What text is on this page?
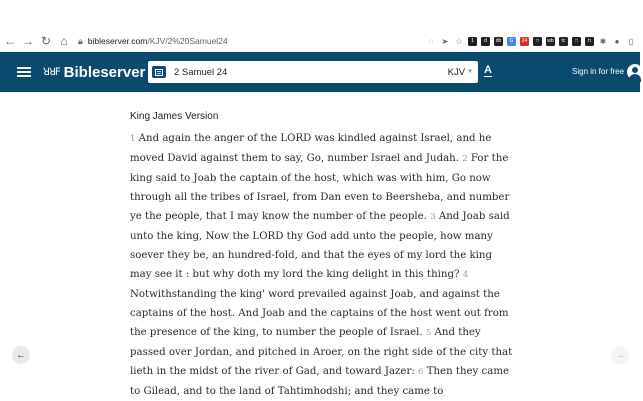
← → ↻ ⌂	🔒︎ bibleserver.com/KJV/2%20Samuel24	◌	➤ ☆	1	d	db	G	24	□	wb	tc	□	h	✱	●	▯
ꓤꓤꓝ Bibleserver	2 Samuel 24	KJV ▼ A	Sign in for free
King James Version
1 And again the anger of the LORD was kindled against Israel, and he moved David against them to say, Go, number Israel and Judah. 2 For the king said to Joab the captain of the host, which was with him, Go now through all the tribes of Israel, from Dan even to Beersheba, and number ye the people, that I may know the number of the people. 3 And Joab said unto the king, Now the LORD thy God add unto the people, how many soever they be, an hundred-fold, and that the eyes of my lord the king may see it : but why doth my lord the king delight in this thing? 4 Notwithstanding the king' word prevailed against Joab, and against the captains of the host. And Joab and the captains of the host went out from the presence of the king, to number the people of Israel. 5 And they passed over Jordan, and pitched in Aroer, on the right side of the city that lieth in the midst of the river of Gad, and toward Jazer: 6 Then they came to Gilead, and to the land of Tahtimhodshi; and they came to
←	→
